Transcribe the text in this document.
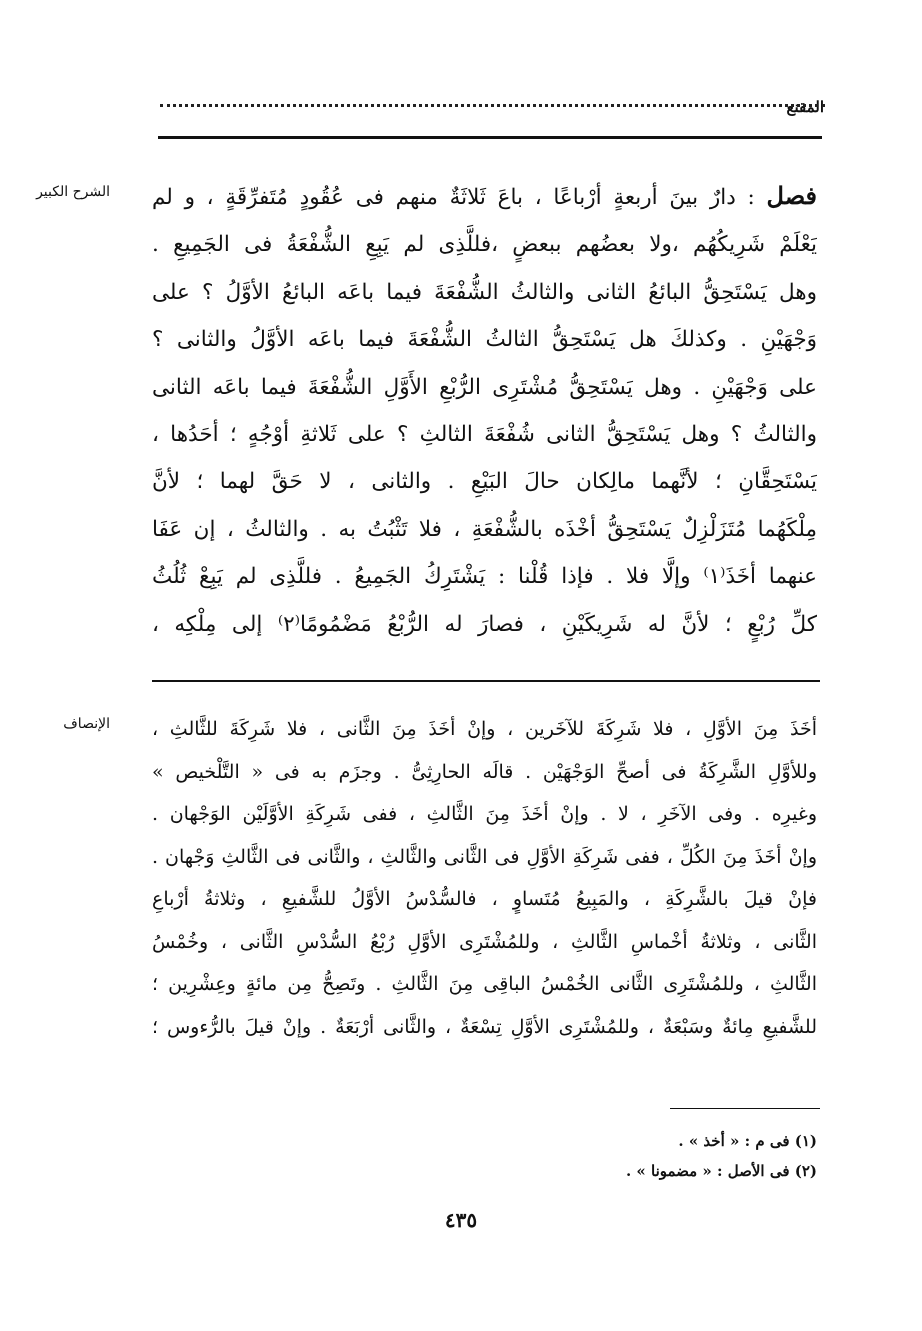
المقنع
الشرح الكبير
الإنصاف
فصل : دارٌ بينَ أربعةٍ أرْباعًا ، باعَ ثَلاثَةٌ منهم فى عُقُودٍ مُتَفرِّقَةٍ ، و لم
يَعْلَمْ شَرِيكُهُم ،ولا بعضُهم ببعضٍ ،فللَّذِى لم يَبِعِ الشُّفْعَةُ فى الجَمِيعِ .
وهل يَسْتَحِقُّ البائعُ الثانى والثالثُ الشُّفْعَةَ فيما باعَه البائعُ الأوَّلُ ؟ على
وَجْهَيْنِ . وكذلكَ هل يَسْتَحِقُّ الثالثُ الشُّفْعَةَ فيما باعَه الأوَّلُ والثانى ؟
على وَجْهَيْنِ . وهل يَسْتَحِقُّ مُشْتَرِى الرُّبْعِ الأَوَّلِ الشُّفْعَةَ فيما باعَه الثانى
والثالثُ ؟ وهل يَسْتَحِقُّ الثانى شُفْعَةَ الثالثِ ؟ على ثَلاثةِ أوْجُهٍ ؛ أحَدُها ،
يَسْتَحِقَّانِ ؛ لأنَّهما مالِكان حالَ البَيْعِ . والثانى ، لا حَقَّ لهما ؛ لأنَّ
مِلْكَهُما مُتَزَلْزِلٌ يَسْتَحِقُّ أخْذَه بالشُّفْعَةِ ، فلا تَثْبُتُ به . والثالثُ ، إن عَفَا
عنهما أخَذَ⁽١⁾ وإلَّا فلا . فإذا قُلْنا : يَشْتَرِكُ الجَمِيعُ . فللَّذِى لم يَبِعْ ثُلُثُ
كلِّ رُبْعٍ ؛ لأنَّ له شَرِيكَيْنِ ، فصارَ له الرُّبْعُ مَضْمُومًا⁽٢⁾ إلى مِلْكِه ،
أخَذَ مِنَ الأوَّلِ ، فلا شَرِكَةَ للآخَرين ، وإنْ أخَذَ مِنَ الثَّانى ، فلا شَرِكَةَ للثَّالثِ ،
وللأوَّلِ الشَّرِكَةُ فى أصحِّ الوَجْهَيْن . قالَه الحارِثِىُّ . وجزَم به فى « التَّلْخيص »
وغيرِه . وفى الآخَرِ ، لا . وإنْ أخَذَ مِنَ الثَّالثِ ، ففى شَرِكَةِ الأوَّلَيْن الوَجْهان .
وإنْ أخَذَ مِنَ الكُلِّ ، ففى شَرِكَةِ الأوَّلِ فى الثَّانى والثَّالثِ ، والثَّانى فى الثَّالثِ وَجْهان .
فإنْ قيلَ بالشَّرِكَةِ ، والمَبِيعُ مُتَساوٍ ، فالسُّدْسُ الأوَّلُ للشَّفيعِ ، وثلاثةُ أرْباعِ
الثَّانى ، وثلاثةُ أخْماسِ الثَّالثِ ، وللمُشْتَرِى الأوَّلِ رُبْعُ السُّدْسِ الثَّانى ، وخُمْسُ
الثَّالثِ ، وللمُشْتَرِى الثَّانى الخُمْسُ الباقِى مِنَ الثَّالثِ . وتَصِحُّ مِن مائةٍ وعِشْرِين ؛
للشَّفيعِ مِائةٌ وسَبْعَةٌ ، وللمُشْتَرِى الأوَّلِ تِسْعَةٌ ، والثَّانى أرْبَعَةٌ . وإنْ قيلَ بالرُّءوس ؛
(١) فى م : « أخذ » .
(٢) فى الأصل : « مضمونا » .
٤٣٥
